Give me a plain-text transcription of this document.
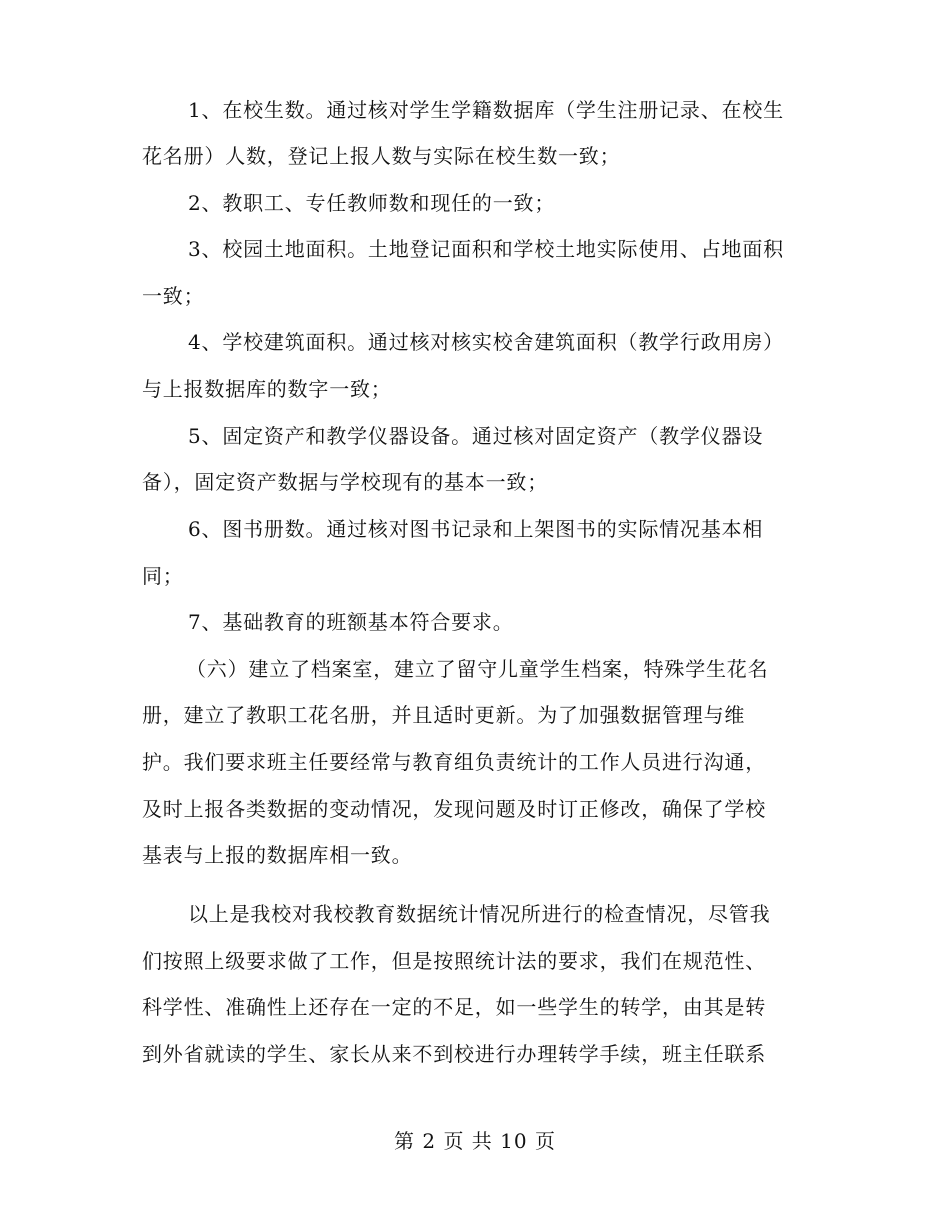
1、在校生数。通过核对学生学籍数据库（学生注册记录、在校生
花名册）人数，登记上报人数与实际在校生数一致；
2、教职工、专任教师数和现任的一致；
3、校园土地面积。土地登记面积和学校土地实际使用、占地面积
一致；
4、学校建筑面积。通过核对核实校舍建筑面积（教学行政用房）
与上报数据库的数字一致；
5、固定资产和教学仪器设备。通过核对固定资产（教学仪器设
备），固定资产数据与学校现有的基本一致；
6、图书册数。通过核对图书记录和上架图书的实际情况基本相
同；
7、基础教育的班额基本符合要求。
（六）建立了档案室，建立了留守儿童学生档案，特殊学生花名
册，建立了教职工花名册，并且适时更新。为了加强数据管理与维
护。我们要求班主任要经常与教育组负责统计的工作人员进行沟通，
及时上报各类数据的变动情况，发现问题及时订正修改，确保了学校
基表与上报的数据库相一致。
以上是我校对我校教育数据统计情况所进行的检查情况，尽管我
们按照上级要求做了工作，但是按照统计法的要求，我们在规范性、
科学性、准确性上还存在一定的不足，如一些学生的转学，由其是转
到外省就读的学生、家长从来不到校进行办理转学手续，班主任联系
第 2 页 共 10 页
